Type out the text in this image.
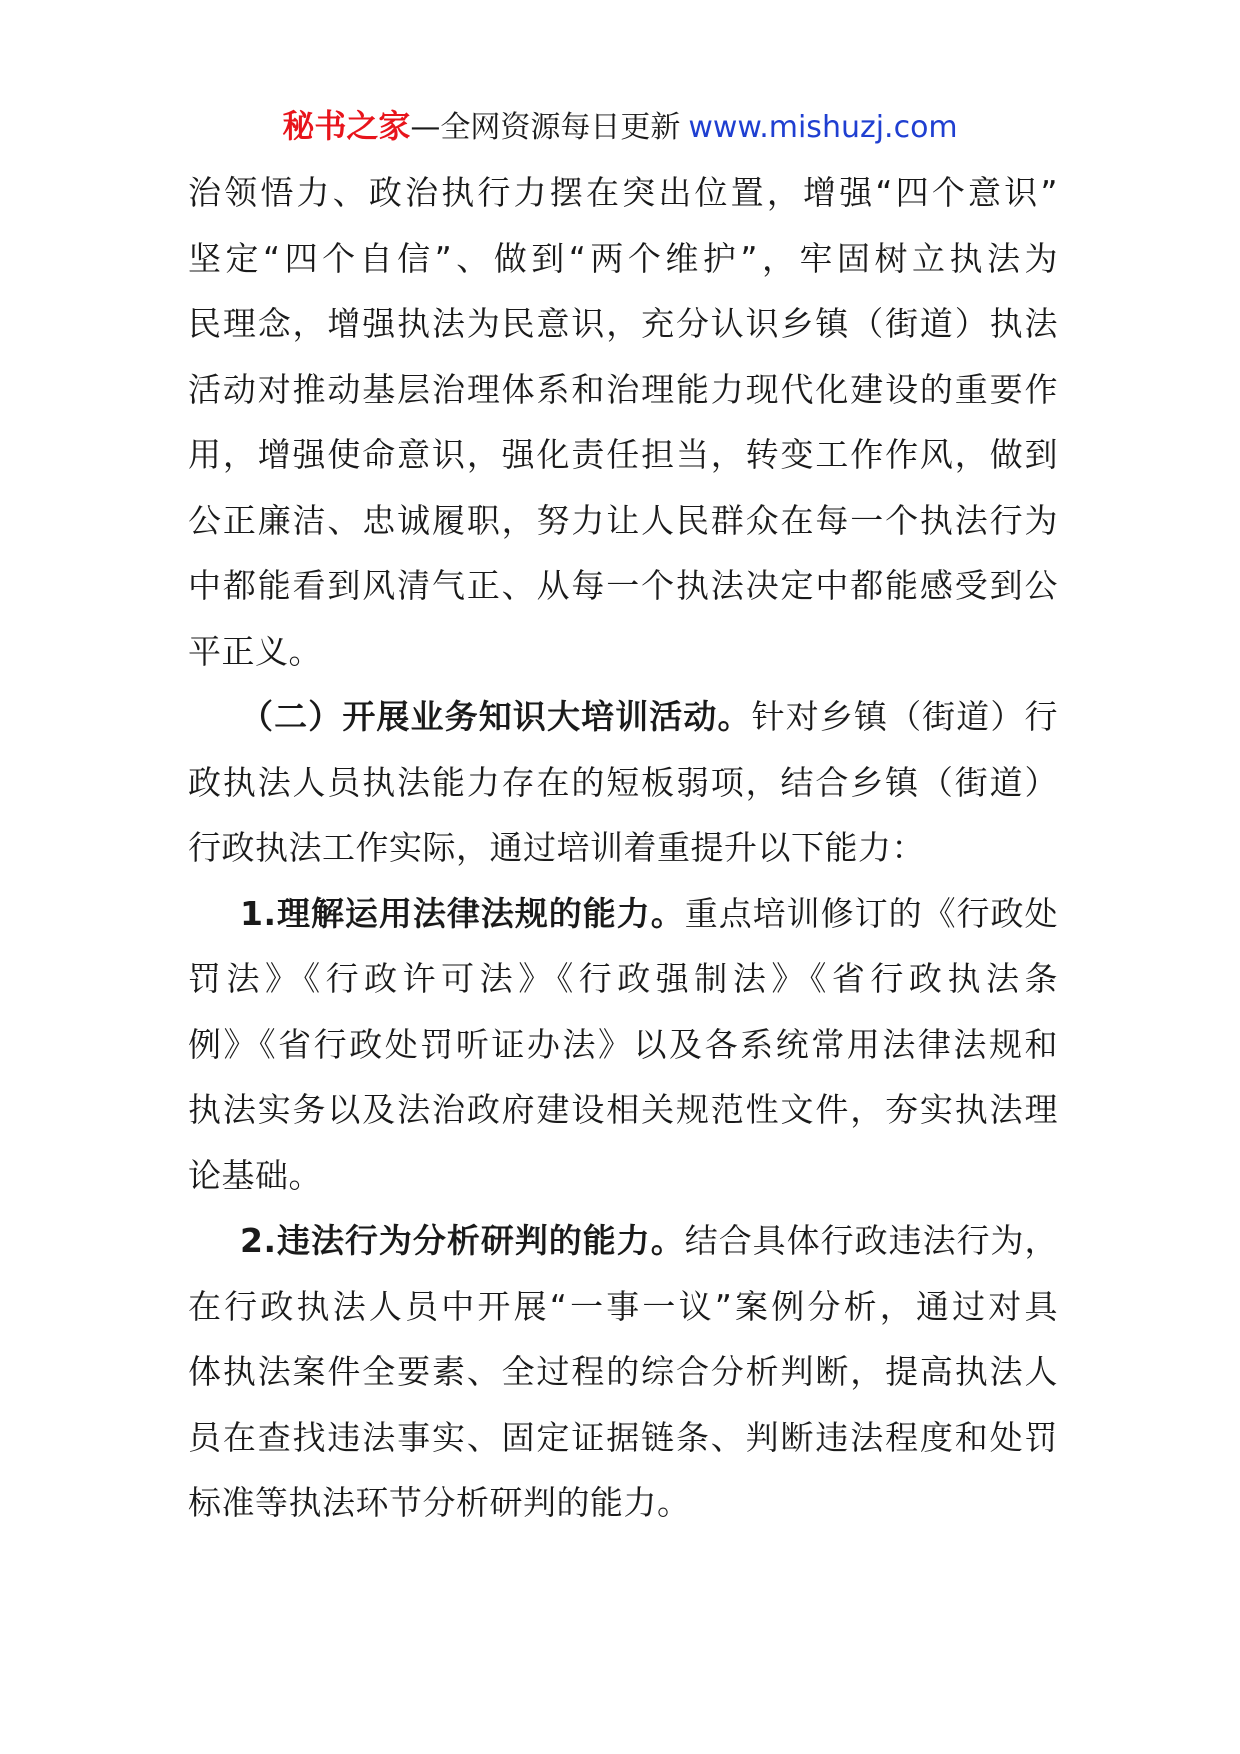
秘书之家—全网资源每日更新 www.mishuzj.com
治领悟力、政治执行力摆在突出位置，增强“四个意识”
坚定“四个自信”、做到“两个维护”，牢固树立执法为
民理念，增强执法为民意识，充分认识乡镇（街道）执法
活动对推动基层治理体系和治理能力现代化建设的重要作
用，增强使命意识，强化责任担当，转变工作作风，做到
公正廉洁、忠诚履职，努力让人民群众在每一个执法行为
中都能看到风清气正、从每一个执法决定中都能感受到公
平正义。
（二）开展业务知识大培训活动。针对乡镇（街道）行
政执法人员执法能力存在的短板弱项，结合乡镇（街道）
行政执法工作实际，通过培训着重提升以下能力：
1.理解运用法律法规的能力。重点培训修订的《行政处
罚法》《行政许可法》《行政强制法》《省行政执法条
例》《省行政处罚听证办法》以及各系统常用法律法规和
执法实务以及法治政府建设相关规范性文件，夯实执法理
论基础。
2.违法行为分析研判的能力。结合具体行政违法行为，
在行政执法人员中开展“一事一议”案例分析，通过对具
体执法案件全要素、全过程的综合分析判断，提高执法人
员在查找违法事实、固定证据链条、判断违法程度和处罚
标准等执法环节分析研判的能力。
